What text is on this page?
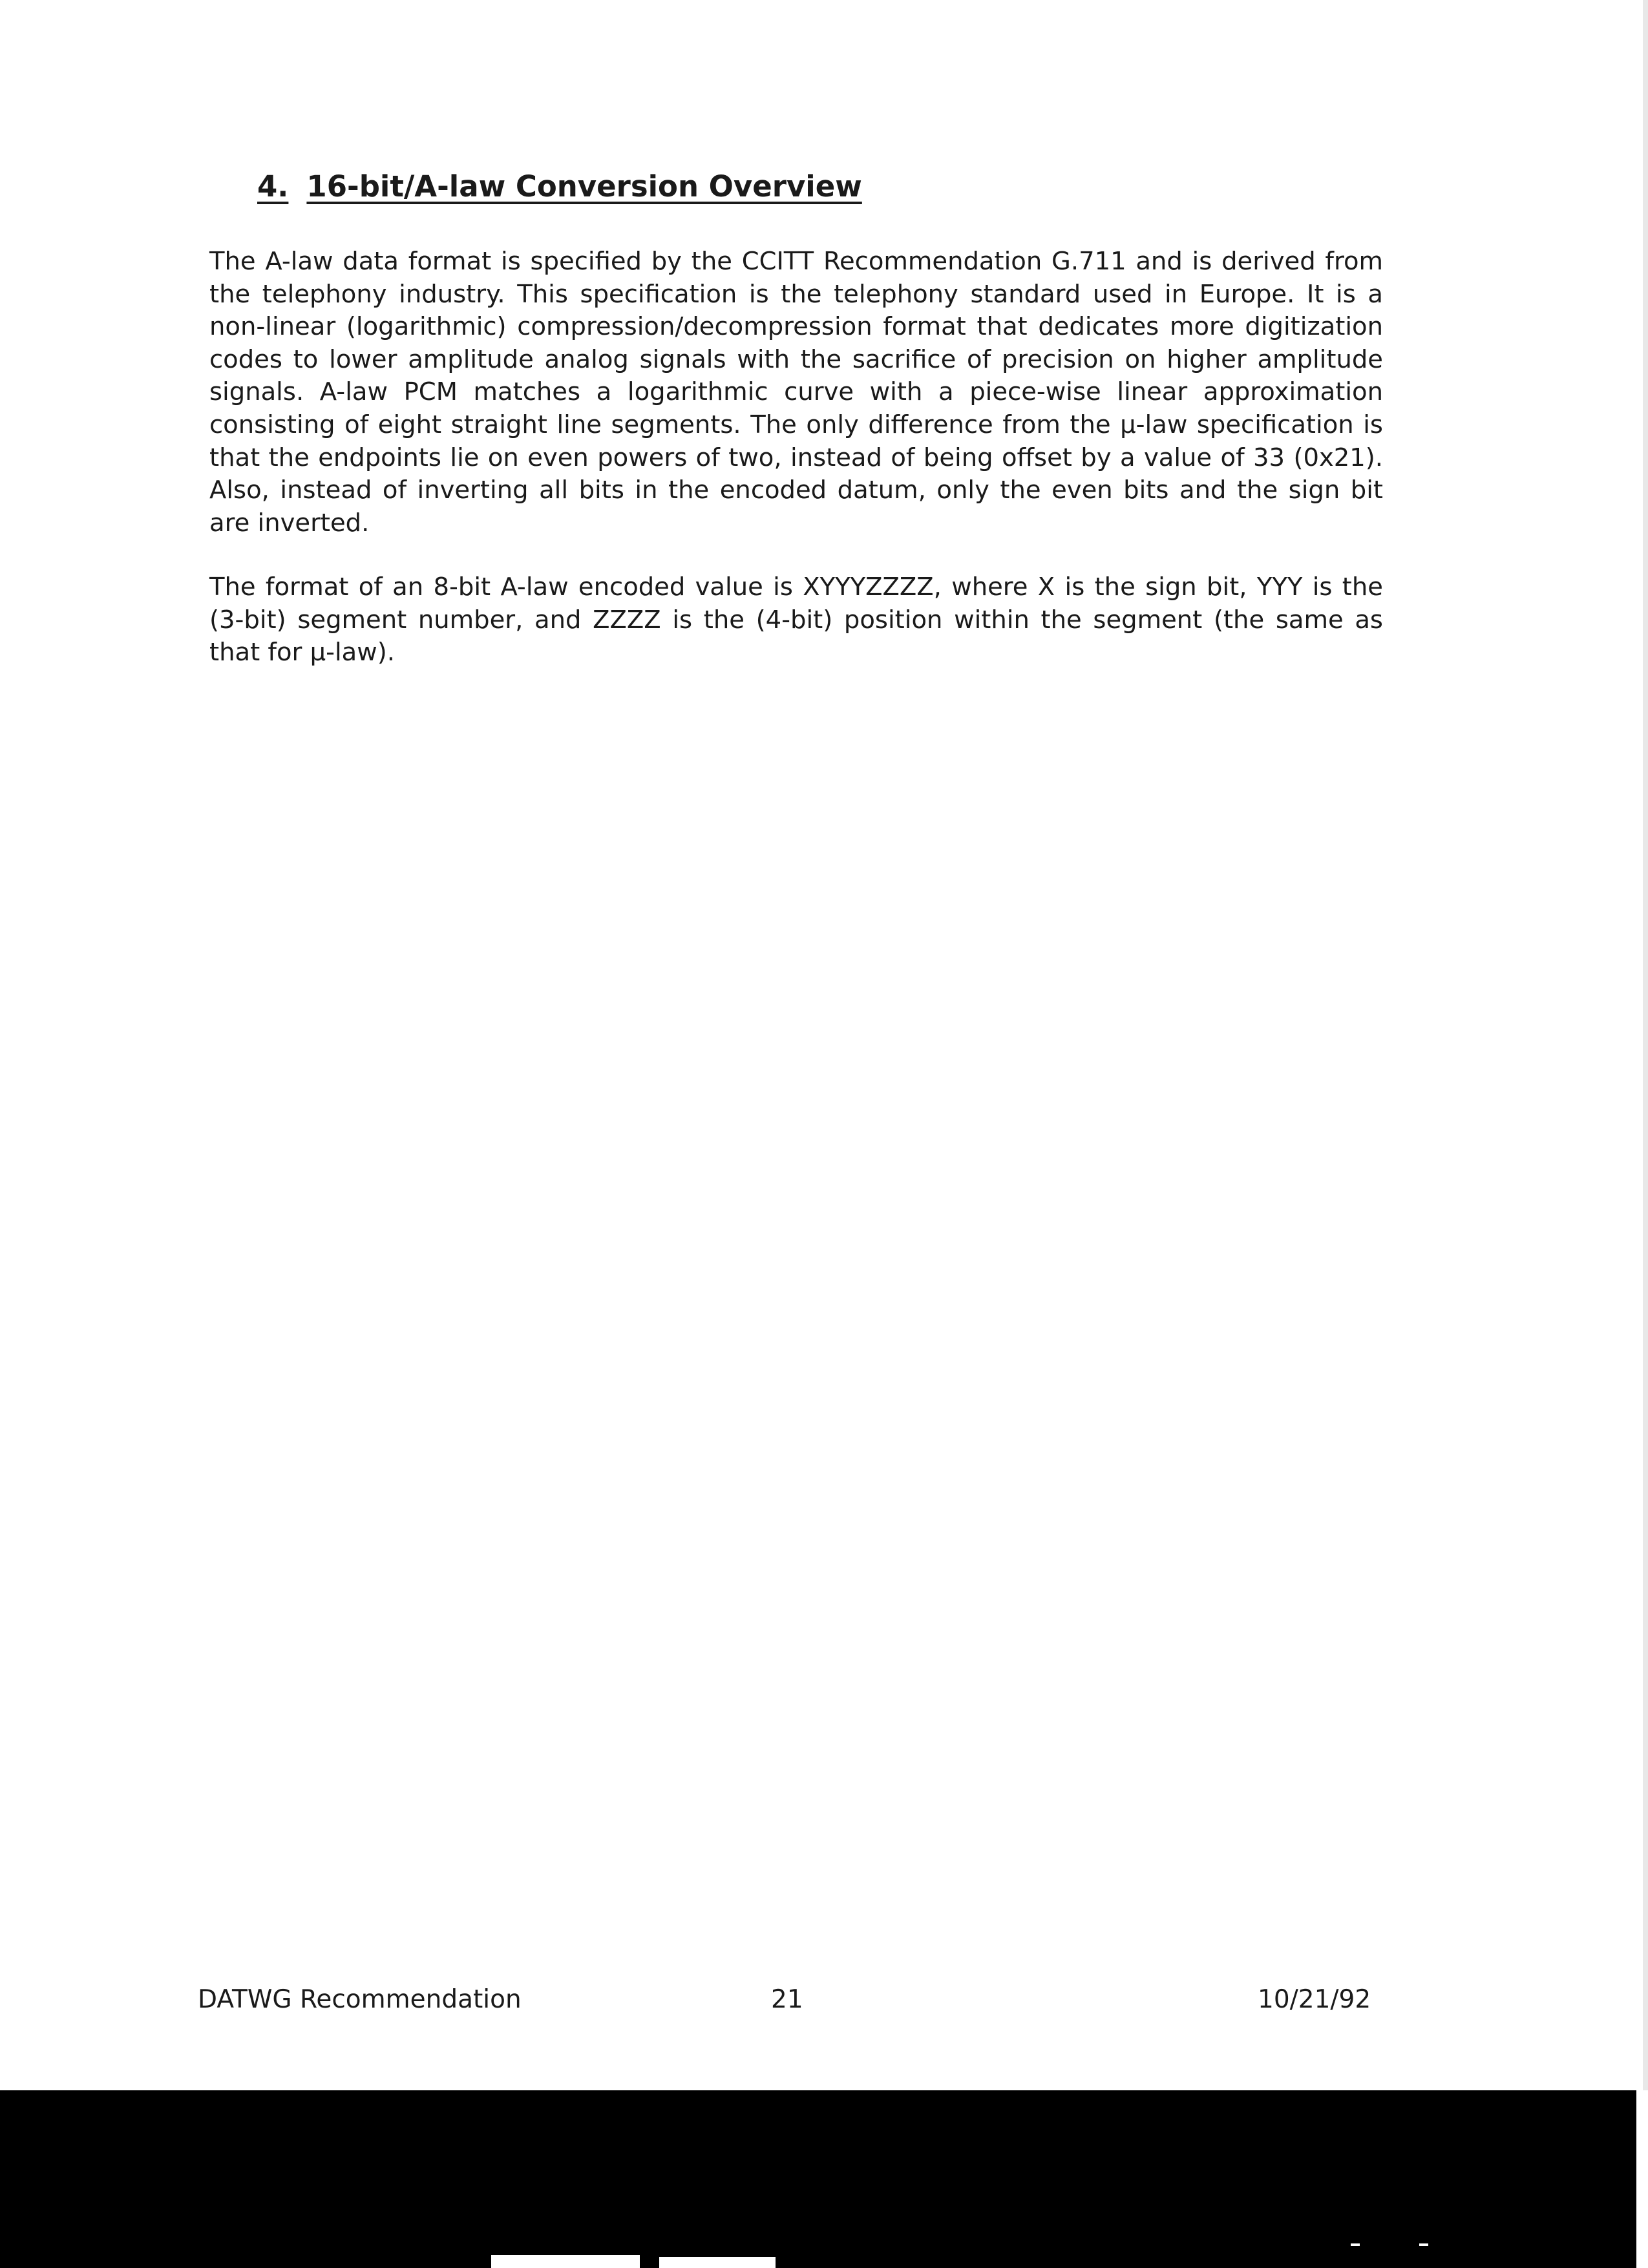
4. 16-bit/A-law Conversion Overview

The A-law data format is specified by the CCITT Recommendation G.711 and is derived from the telephony industry. This specification is the telephony standard used in Europe. It is a non-linear (logarithmic) compression/decompression format that dedicates more digitization codes to lower amplitude analog signals with the sacrifice of precision on higher amplitude signals. A-law PCM matches a logarithmic curve with a piece-wise linear approximation consisting of eight straight line segments. The only difference from the μ-law specification is that the endpoints lie on even powers of two, instead of being offset by a value of 33 (0x21). Also, instead of inverting all bits in the encoded datum, only the even bits and the sign bit are inverted.

The format of an 8-bit A-law encoded value is XYYYZZZZ, where X is the sign bit, YYY is the (3-bit) segment number, and ZZZZ is the (4-bit) position within the segment (the same as that for μ-law).

DATWG Recommendation	21	10/21/92
